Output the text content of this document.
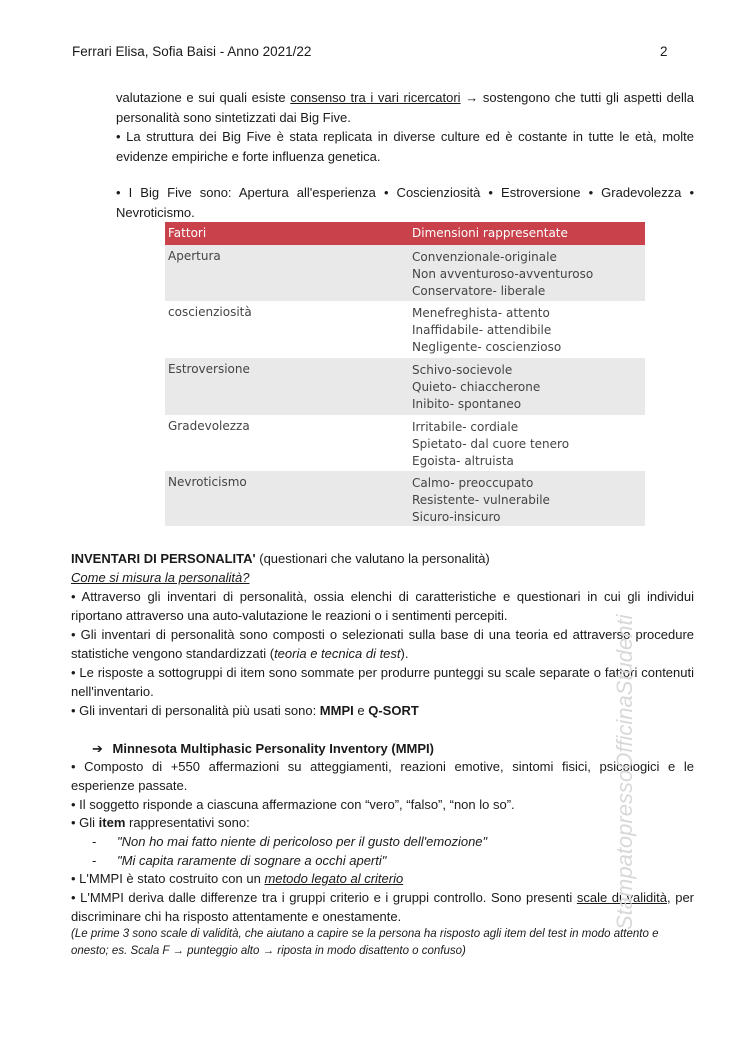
Ferrari Elisa, Sofia Baisi - Anno 2021/22	2
valutazione e sui quali esiste consenso tra i vari ricercatori → sostengono che tutti gli aspetti della personalità sono sintetizzati dai Big Five.
• La struttura dei Big Five è stata replicata in diverse culture ed è costante in tutte le età, molte evidenze empiriche e forte influenza genetica.
• I Big Five sono: Apertura all'esperienza • Coscienziosità • Estroversione • Gradevolezza • Nevroticismo.
Fattori	Dimensioni rappresentate
Apertura	Convenzionale-originale
Non avventuroso-avventuroso
Conservatore- liberale
coscienziosità	Menefreghista- attento
Inaffidabile- attendibile
Negligente- coscienzioso
Estroversione	Schivo-socievole
Quieto- chiaccherone
Inibito- spontaneo
Gradevolezza	Irritabile- cordiale
Spietato- dal cuore tenero
Egoista- altruista
Nevroticismo	Calmo- preoccupato
Resistente- vulnerabile
Sicuro-insicuro
INVENTARI DI PERSONALITA' (questionari che valutano la personalità)
Come si misura la personalità?
• Attraverso gli inventari di personalità, ossia elenchi di caratteristiche e questionari in cui gli individui riportano attraverso una auto-valutazione le reazioni o i sentimenti percepiti.
• Gli inventari di personalità sono composti o selezionati sulla base di una teoria ed attraverso procedure statistiche vengono standardizzati (teoria e tecnica di test).
• Le risposte a sottogruppi di item sono sommate per produrre punteggi su scale separate o fattori contenuti nell'inventario.
• Gli inventari di personalità più usati sono: MMPI e Q-SORT
➔ Minnesota Multiphasic Personality Inventory (MMPI)
• Composto di +550 affermazioni su atteggiamenti, reazioni emotive, sintomi fisici, psicologici e le esperienze passate.
• Il soggetto risponde a ciascuna affermazione con “vero”, “falso”, “non lo so”.
• Gli item rappresentativi sono:
- "Non ho mai fatto niente di pericoloso per il gusto dell'emozione"
- "Mi capita raramente di sognare a occhi aperti"
• L'MMPI è stato costruito con un metodo legato al criterio
• L'MMPI deriva dalle differenze tra i gruppi criterio e i gruppi controllo. Sono presenti scale di validità, per discriminare chi ha risposto attentamente e onestamente.
(Le prime 3 sono scale di validità, che aiutano a capire se la persona ha risposto agli item del test in modo attento e onesto; es. Scala F → punteggio alto → riposta in modo disattento o confuso)
StampatopressoOfficinaStudenti
